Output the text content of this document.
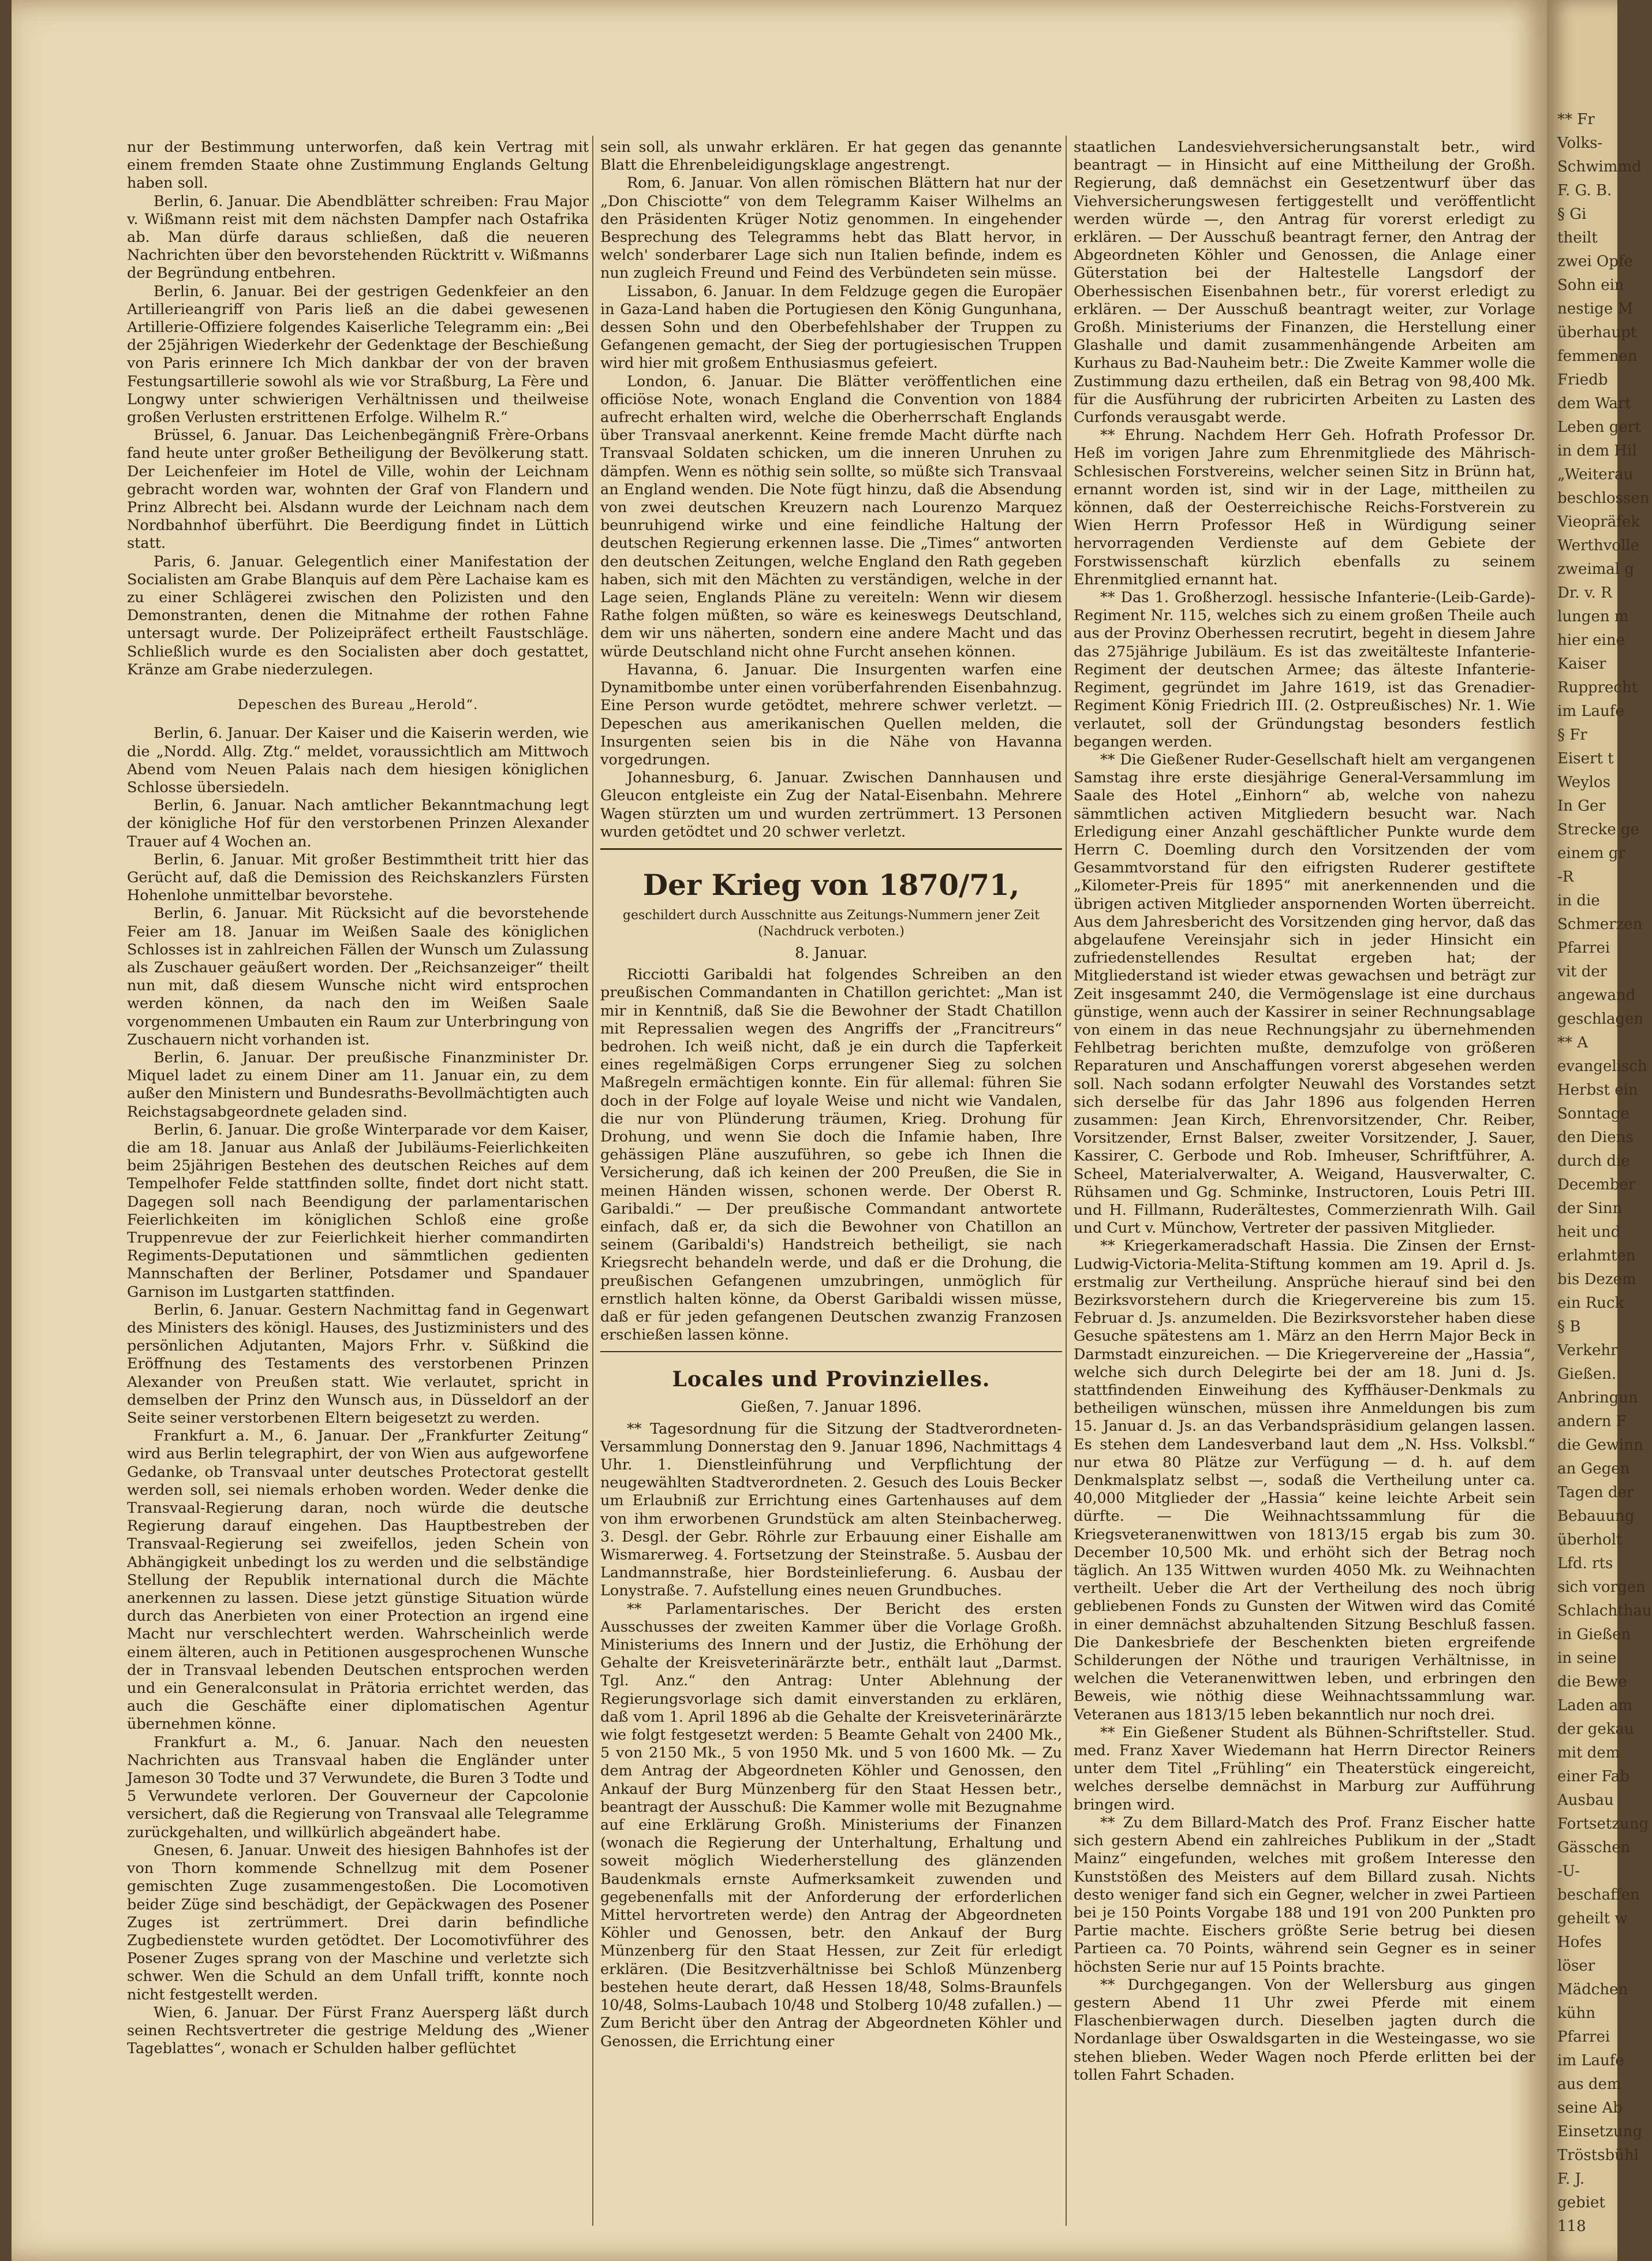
nur der Bestimmung unterworfen, daß kein Vertrag mit einem fremden Staate ohne Zustimmung Englands Geltung haben soll.

Berlin, 6. Januar. Die Abendblätter schreiben: Frau Major v. Wißmann reist mit dem nächsten Dampfer nach Ostafrika ab. Man dürfe daraus schließen, daß die neueren Nachrichten über den bevorstehenden Rücktritt v. Wißmanns der Begründung entbehren.

Berlin, 6. Januar. Bei der gestrigen Gedenkfeier an den Artillerieangriff von Paris ließ an die dabei gewesenen Artillerie-Offiziere folgendes Kaiserliche Telegramm ein: „Bei der 25jährigen Wiederkehr der Gedenktage der Beschießung von Paris erinnere Ich Mich dankbar der von der braven Festungsartillerie sowohl als wie vor Straßburg, La Fère und Longwy unter schwierigen Verhältnissen und theilweise großen Verlusten erstrittenen Erfolge. Wilhelm R.“

Brüssel, 6. Januar. Das Leichenbegängniß Frère-Orbans fand heute unter großer Betheiligung der Bevölkerung statt. Der Leichenfeier im Hotel de Ville, wohin der Leichnam gebracht worden war, wohnten der Graf von Flandern und Prinz Albrecht bei. Alsdann wurde der Leichnam nach dem Nordbahnhof überführt. Die Beerdigung findet in Lüttich statt.

Paris, 6. Januar. Gelegentlich einer Manifestation der Socialisten am Grabe Blanquis auf dem Père Lachaise kam es zu einer Schlägerei zwischen den Polizisten und den Demonstranten, denen die Mitnahme der rothen Fahne untersagt wurde. Der Polizeipräfect ertheilt Faustschläge. Schließlich wurde es den Socialisten aber doch gestattet, Kränze am Grabe niederzulegen.

Depeschen des Bureau „Herold“.

Berlin, 6. Januar. Der Kaiser und die Kaiserin werden, wie die „Nordd. Allg. Ztg.“ meldet, voraussichtlich am Mittwoch Abend vom Neuen Palais nach dem hiesigen königlichen Schlosse übersiedeln.

Berlin, 6. Januar. Nach amtlicher Bekanntmachung legt der königliche Hof für den verstorbenen Prinzen Alexander Trauer auf 4 Wochen an.

Berlin, 6. Januar. Mit großer Bestimmtheit tritt hier das Gerücht auf, daß die Demission des Reichskanzlers Fürsten Hohenlohe unmittelbar bevorstehe.

Berlin, 6. Januar. Mit Rücksicht auf die bevorstehende Feier am 18. Januar im Weißen Saale des königlichen Schlosses ist in zahlreichen Fällen der Wunsch um Zulassung als Zuschauer geäußert worden. Der „Reichsanzeiger“ theilt nun mit, daß diesem Wunsche nicht wird entsprochen werden können, da nach den im Weißen Saale vorgenommenen Umbauten ein Raum zur Unterbringung von Zuschauern nicht vorhanden ist.

Berlin, 6. Januar. Der preußische Finanzminister Dr. Miquel ladet zu einem Diner am 11. Januar ein, zu dem außer den Ministern und Bundesraths-Bevollmächtigten auch Reichstagsabgeordnete geladen sind.

Berlin, 6. Januar. Die große Winterparade vor dem Kaiser, die am 18. Januar aus Anlaß der Jubiläums-Feierlichkeiten beim 25jährigen Bestehen des deutschen Reiches auf dem Tempelhofer Felde stattfinden sollte, findet dort nicht statt. Dagegen soll nach Beendigung der parlamentarischen Feierlichkeiten im königlichen Schloß eine große Truppenrevue der zur Feierlichkeit hierher commandirten Regiments-Deputationen und sämmtlichen gedienten Mannschaften der Berliner, Potsdamer und Spandauer Garnison im Lustgarten stattfinden.

Berlin, 6. Januar. Gestern Nachmittag fand in Gegenwart des Ministers des königl. Hauses, des Justizministers und des persönlichen Adjutanten, Majors Frhr. v. Süßkind die Eröffnung des Testaments des verstorbenen Prinzen Alexander von Preußen statt. Wie verlautet, spricht in demselben der Prinz den Wunsch aus, in Düsseldorf an der Seite seiner verstorbenen Eltern beigesetzt zu werden.

Frankfurt a. M., 6. Januar. Der „Frankfurter Zeitung“ wird aus Berlin telegraphirt, der von Wien aus aufgeworfene Gedanke, ob Transvaal unter deutsches Protectorat gestellt werden soll, sei niemals erhoben worden. Weder denke die Transvaal-Regierung daran, noch würde die deutsche Regierung darauf eingehen. Das Hauptbestreben der Transvaal-Regierung sei zweifellos, jeden Schein von Abhängigkeit unbedingt los zu werden und die selbständige Stellung der Republik international durch die Mächte anerkennen zu lassen. Diese jetzt günstige Situation würde durch das Anerbieten von einer Protection an irgend eine Macht nur verschlechtert werden. Wahrscheinlich werde einem älteren, auch in Petitionen ausgesprochenen Wunsche der in Transvaal lebenden Deutschen entsprochen werden und ein Generalconsulat in Prätoria errichtet werden, das auch die Geschäfte einer diplomatischen Agentur übernehmen könne.

Frankfurt a. M., 6. Januar. Nach den neuesten Nachrichten aus Transvaal haben die Engländer unter Jameson 30 Todte und 37 Verwundete, die Buren 3 Todte und 5 Verwundete verloren. Der Gouverneur der Capcolonie versichert, daß die Regierung von Transvaal alle Telegramme zurückgehalten, und willkürlich abgeändert habe.

Gnesen, 6. Januar. Unweit des hiesigen Bahnhofes ist der von Thorn kommende Schnellzug mit dem Posener gemischten Zuge zusammengestoßen. Die Locomotiven beider Züge sind beschädigt, der Gepäckwagen des Posener Zuges ist zertrümmert. Drei darin befindliche Zugbedienstete wurden getödtet. Der Locomotivführer des Posener Zuges sprang von der Maschine und verletzte sich schwer. Wen die Schuld an dem Unfall trifft, konnte noch nicht festgestellt werden.

Wien, 6. Januar. Der Fürst Franz Auersperg läßt durch seinen Rechtsvertreter die gestrige Meldung des „Wiener Tageblattes“, wonach er Schulden halber geflüchtet

sein soll, als unwahr erklären. Er hat gegen das genannte Blatt die Ehrenbeleidigungsklage angestrengt.

Rom, 6. Januar. Von allen römischen Blättern hat nur der „Don Chisciotte“ von dem Telegramm Kaiser Wilhelms an den Präsidenten Krüger Notiz genommen. In eingehender Besprechung des Telegramms hebt das Blatt hervor, in welch' sonderbarer Lage sich nun Italien befinde, indem es nun zugleich Freund und Feind des Verbündeten sein müsse.

Lissabon, 6. Januar. In dem Feldzuge gegen die Europäer in Gaza-Land haben die Portugiesen den König Gungunhana, dessen Sohn und den Oberbefehlshaber der Truppen zu Gefangenen gemacht, der Sieg der portugiesischen Truppen wird hier mit großem Enthusiasmus gefeiert.

London, 6. Januar. Die Blätter veröffentlichen eine officiöse Note, wonach England die Convention von 1884 aufrecht erhalten wird, welche die Oberherrschaft Englands über Transvaal anerkennt. Keine fremde Macht dürfte nach Transvaal Soldaten schicken, um die inneren Unruhen zu dämpfen. Wenn es nöthig sein sollte, so müßte sich Transvaal an England wenden. Die Note fügt hinzu, daß die Absendung von zwei deutschen Kreuzern nach Lourenzo Marquez beunruhigend wirke und eine feindliche Haltung der deutschen Regierung erkennen lasse. Die „Times“ antworten den deutschen Zeitungen, welche England den Rath gegeben haben, sich mit den Mächten zu verständigen, welche in der Lage seien, Englands Pläne zu vereiteln: Wenn wir diesem Rathe folgen müßten, so wäre es keineswegs Deutschland, dem wir uns näherten, sondern eine andere Macht und das würde Deutschland nicht ohne Furcht ansehen können.

Havanna, 6. Januar. Die Insurgenten warfen eine Dynamitbombe unter einen vorüberfahrenden Eisenbahnzug. Eine Person wurde getödtet, mehrere schwer verletzt. — Depeschen aus amerikanischen Quellen melden, die Insurgenten seien bis in die Nähe von Havanna vorgedrungen.

Johannesburg, 6. Januar. Zwischen Dannhausen und Gleucon entgleiste ein Zug der Natal-Eisenbahn. Mehrere Wagen stürzten um und wurden zertrümmert. 13 Personen wurden getödtet und 20 schwer verletzt.

Der Krieg von 1870/71,
geschildert durch Ausschnitte aus Zeitungs-Nummern jener Zeit (Nachdruck verboten.)
8. Januar.

Ricciotti Garibaldi hat folgendes Schreiben an den preußischen Commandanten in Chatillon gerichtet: „Man ist mir in Kenntniß, daß Sie die Bewohner der Stadt Chatillon mit Repressalien wegen des Angriffs der „Francitreurs“ bedrohen. Ich weiß nicht, daß je ein durch die Tapferkeit eines regelmäßigen Corps errungener Sieg zu solchen Maßregeln ermächtigen konnte. Ein für allemal: führen Sie doch in der Folge auf loyale Weise und nicht wie Vandalen, die nur von Plünderung träumen, Krieg. Drohung für Drohung, und wenn Sie doch die Infamie haben, Ihre gehässigen Pläne auszuführen, so gebe ich Ihnen die Versicherung, daß ich keinen der 200 Preußen, die Sie in meinen Händen wissen, schonen werde. Der Oberst R. Garibaldi.“ — Der preußische Commandant antwortete einfach, daß er, da sich die Bewohner von Chatillon an seinem (Garibaldi's) Handstreich betheiligt, sie nach Kriegsrecht behandeln werde, und daß er die Drohung, die preußischen Gefangenen umzubringen, unmöglich für ernstlich halten könne, da Oberst Garibaldi wissen müsse, daß er für jeden gefangenen Deutschen zwanzig Franzosen erschießen lassen könne.

Locales und Provinzielles.
Gießen, 7. Januar 1896.

** Tagesordnung für die Sitzung der Stadtverordneten-Versammlung Donnerstag den 9. Januar 1896, Nachmittags 4 Uhr. 1. Dienstleinführung und Verpflichtung der neugewählten Stadtverordneten. 2. Gesuch des Louis Becker um Erlaubniß zur Errichtung eines Gartenhauses auf dem von ihm erworbenen Grundstück am alten Steinbacherweg. 3. Desgl. der Gebr. Röhrle zur Erbauung einer Eishalle am Wismarerweg. 4. Fortsetzung der Steinstraße. 5. Ausbau der Landmannstraße, hier Bordsteinlieferung. 6. Ausbau der Lonystraße. 7. Aufstellung eines neuen Grundbuches.

** Parlamentarisches. Der Bericht des ersten Ausschusses der zweiten Kammer über die Vorlage Großh. Ministeriums des Innern und der Justiz, die Erhöhung der Gehalte der Kreisveterinärärzte betr., enthält laut „Darmst. Tgl. Anz.“ den Antrag: Unter Ablehnung der Regierungsvorlage sich damit einverstanden zu erklären, daß vom 1. April 1896 ab die Gehalte der Kreisveterinärärzte wie folgt festgesetzt werden: 5 Beamte Gehalt von 2400 Mk., 5 von 2150 Mk., 5 von 1950 Mk. und 5 von 1600 Mk. — Zu dem Antrag der Abgeordneten Köhler und Genossen, den Ankauf der Burg Münzenberg für den Staat Hessen betr., beantragt der Ausschuß: Die Kammer wolle mit Bezugnahme auf eine Erklärung Großh. Ministeriums der Finanzen (wonach die Regierung der Unterhaltung, Erhaltung und soweit möglich Wiederherstellung des glänzenden Baudenkmals ernste Aufmerksamkeit zuwenden und gegebenenfalls mit der Anforderung der erforderlichen Mittel hervortreten werde) den Antrag der Abgeordneten Köhler und Genossen, betr. den Ankauf der Burg Münzenberg für den Staat Hessen, zur Zeit für erledigt erklären. (Die Besitzverhältnisse bei Schloß Münzenberg bestehen heute derart, daß Hessen 18/48, Solms-Braunfels 10/48, Solms-Laubach 10/48 und Stolberg 10/48 zufallen.) — Zum Bericht über den Antrag der Abgeordneten Köhler und Genossen, die Errichtung einer

staatlichen Landesviehversicherungsanstalt betr., wird beantragt — in Hinsicht auf eine Mittheilung der Großh. Regierung, daß demnächst ein Gesetzentwurf über das Viehversicherungswesen fertiggestellt und veröffentlicht werden würde —, den Antrag für vorerst erledigt zu erklären. — Der Ausschuß beantragt ferner, den Antrag der Abgeordneten Köhler und Genossen, die Anlage einer Güterstation bei der Haltestelle Langsdorf der Oberhessischen Eisenbahnen betr., für vorerst erledigt zu erklären. — Der Ausschuß beantragt weiter, zur Vorlage Großh. Ministeriums der Finanzen, die Herstellung einer Glashalle und damit zusammenhängende Arbeiten am Kurhaus zu Bad-Nauheim betr.: Die Zweite Kammer wolle die Zustimmung dazu ertheilen, daß ein Betrag von 98,400 Mk. für die Ausführung der rubricirten Arbeiten zu Lasten des Curfonds verausgabt werde.

** Ehrung. Nachdem Herr Geh. Hofrath Professor Dr. Heß im vorigen Jahre zum Ehrenmitgliede des Mährisch-Schlesischen Forstvereins, welcher seinen Sitz in Brünn hat, ernannt worden ist, sind wir in der Lage, mittheilen zu können, daß der Oesterreichische Reichs-Forstverein zu Wien Herrn Professor Heß in Würdigung seiner hervorragenden Verdienste auf dem Gebiete der Forstwissenschaft kürzlich ebenfalls zu seinem Ehrenmitglied ernannt hat.

** Das 1. Großherzogl. hessische Infanterie-(Leib-Garde)-Regiment Nr. 115, welches sich zu einem großen Theile auch aus der Provinz Oberhessen recrutirt, begeht in diesem Jahre das 275jährige Jubiläum. Es ist das zweitälteste Infanterie-Regiment der deutschen Armee; das älteste Infanterie-Regiment, gegründet im Jahre 1619, ist das Grenadier-Regiment König Friedrich III. (2. Ostpreußisches) Nr. 1. Wie verlautet, soll der Gründungstag besonders festlich begangen werden.

** Die Gießener Ruder-Gesellschaft hielt am vergangenen Samstag ihre erste diesjährige General-Versammlung im Saale des Hotel „Einhorn“ ab, welche von nahezu sämmtlichen activen Mitgliedern besucht war. Nach Erledigung einer Anzahl geschäftlicher Punkte wurde dem Herrn C. Doemling durch den Vorsitzenden der vom Gesammtvorstand für den eifrigsten Ruderer gestiftete „Kilometer-Preis für 1895“ mit anerkennenden und die übrigen activen Mitglieder anspornenden Worten überreicht. Aus dem Jahresbericht des Vorsitzenden ging hervor, daß das abgelaufene Vereinsjahr sich in jeder Hinsicht ein zufriedenstellendes Resultat ergeben hat; der Mitgliederstand ist wieder etwas gewachsen und beträgt zur Zeit insgesammt 240, die Vermögenslage ist eine durchaus günstige, wenn auch der Kassirer in seiner Rechnungsablage von einem in das neue Rechnungsjahr zu übernehmenden Fehlbetrag berichten mußte, demzufolge von größeren Reparaturen und Anschaffungen vorerst abgesehen werden soll. Nach sodann erfolgter Neuwahl des Vorstandes setzt sich derselbe für das Jahr 1896 aus folgenden Herren zusammen: Jean Kirch, Ehrenvorsitzender, Chr. Reiber, Vorsitzender, Ernst Balser, zweiter Vorsitzender, J. Sauer, Kassirer, C. Gerbode und Rob. Imheuser, Schriftführer, A. Scheel, Materialverwalter, A. Weigand, Hausverwalter, C. Rühsamen und Gg. Schminke, Instructoren, Louis Petri III. und H. Fillmann, Ruderältestes, Commerzienrath Wilh. Gail und Curt v. Münchow, Vertreter der passiven Mitglieder.

** Kriegerkameradschaft Hassia. Die Zinsen der Ernst-Ludwig-Victoria-Melita-Stiftung kommen am 19. April d. Js. erstmalig zur Vertheilung. Ansprüche hierauf sind bei den Bezirksvorstehern durch die Kriegervereine bis zum 15. Februar d. Js. anzumelden. Die Bezirksvorsteher haben diese Gesuche spätestens am 1. März an den Herrn Major Beck in Darmstadt einzureichen. — Die Kriegervereine der „Hassia“, welche sich durch Delegirte bei der am 18. Juni d. Js. stattfindenden Einweihung des Kyffhäuser-Denkmals zu betheiligen wünschen, müssen ihre Anmeldungen bis zum 15. Januar d. Js. an das Verbandspräsidium gelangen lassen. Es stehen dem Landesverband laut dem „N. Hss. Volksbl.“ nur etwa 80 Plätze zur Verfügung — d. h. auf dem Denkmalsplatz selbst —, sodaß die Vertheilung unter ca. 40,000 Mitglieder der „Hassia“ keine leichte Arbeit sein dürfte. — Die Weihnachtssammlung für die Kriegsveteranenwittwen von 1813/15 ergab bis zum 30. December 10,500 Mk. und erhöht sich der Betrag noch täglich. An 135 Wittwen wurden 4050 Mk. zu Weihnachten vertheilt. Ueber die Art der Vertheilung des noch übrig gebliebenen Fonds zu Gunsten der Witwen wird das Comité in einer demnächst abzuhaltenden Sitzung Beschluß fassen. Die Dankesbriefe der Beschenkten bieten ergreifende Schilderungen der Nöthe und traurigen Verhältnisse, in welchen die Veteranenwittwen leben, und erbringen den Beweis, wie nöthig diese Weihnachtssammlung war. Veteranen aus 1813/15 leben bekanntlich nur noch drei.

** Ein Gießener Student als Bühnen-Schriftsteller. Stud. med. Franz Xaver Wiedemann hat Herrn Director Reiners unter dem Titel „Frühling“ ein Theaterstück eingereicht, welches derselbe demnächst in Marburg zur Aufführung bringen wird.

** Zu dem Billard-Match des Prof. Franz Eischer hatte sich gestern Abend ein zahlreiches Publikum in der „Stadt Mainz“ eingefunden, welches mit großem Interesse den Kunststößen des Meisters auf dem Billard zusah. Nichts desto weniger fand sich ein Gegner, welcher in zwei Partieen bei je 150 Points Vorgabe 188 und 191 von 200 Punkten pro Partie machte. Eischers größte Serie betrug bei diesen Partieen ca. 70 Points, während sein Gegner es in seiner höchsten Serie nur auf 15 Points brachte.

** Durchgegangen. Von der Wellersburg aus gingen gestern Abend 11 Uhr zwei Pferde mit einem Flaschenbierwagen durch. Dieselben jagten durch die Nordanlage über Oswaldsgarten in die Westeingasse, wo sie stehen blieben. Weder Wagen noch Pferde erlitten bei der tollen Fahrt Schaden.

** Fr
Volks-
Schwimmd
F. G. B.
§ Gi
theilt
zwei Opfe
Sohn ein
nestige M
überhaupt
femmenen
Friedb
dem Wart
Leben gert
in dem Hil
„Weiterau
beschlossen
Vieopräfek
Werthvolle
zweimal g
Dr. v. R
lungen m
hier eine
Kaiser
Rupprecht
im Laufe
§ Fr
Eisert t
Weylos
In Ger
Strecke ge
einem gr
-R
in die
Schmerzen
Pfarrei
vit der
angewand
geschlagen
** A
evangelisch
Herbst ein
Sonntage
den Diens
durch die
December
der Sinn
heit und
erlahmten
bis Dezem
ein Ruck
§ B
Verkehr
Gießen.
Anbringun
andern F
die Gewinn
an Gegen
Tagen der
Bebauung
überholt
Lfd. rts
sich vorgen
Schlachthau
in Gießen
in seine
die Bewe
Laden am
der gekau
mit dem
einer Fab
Ausbau
Fortsetzung
Gässchen
-U-
beschaffen
geheilt w
Hofes
löser
Mädchen
kühn
Pfarrei
im Laufe
aus dem
seine Ab
Einsetzung
Tröstsbühl
F. J.
gebiet
118
